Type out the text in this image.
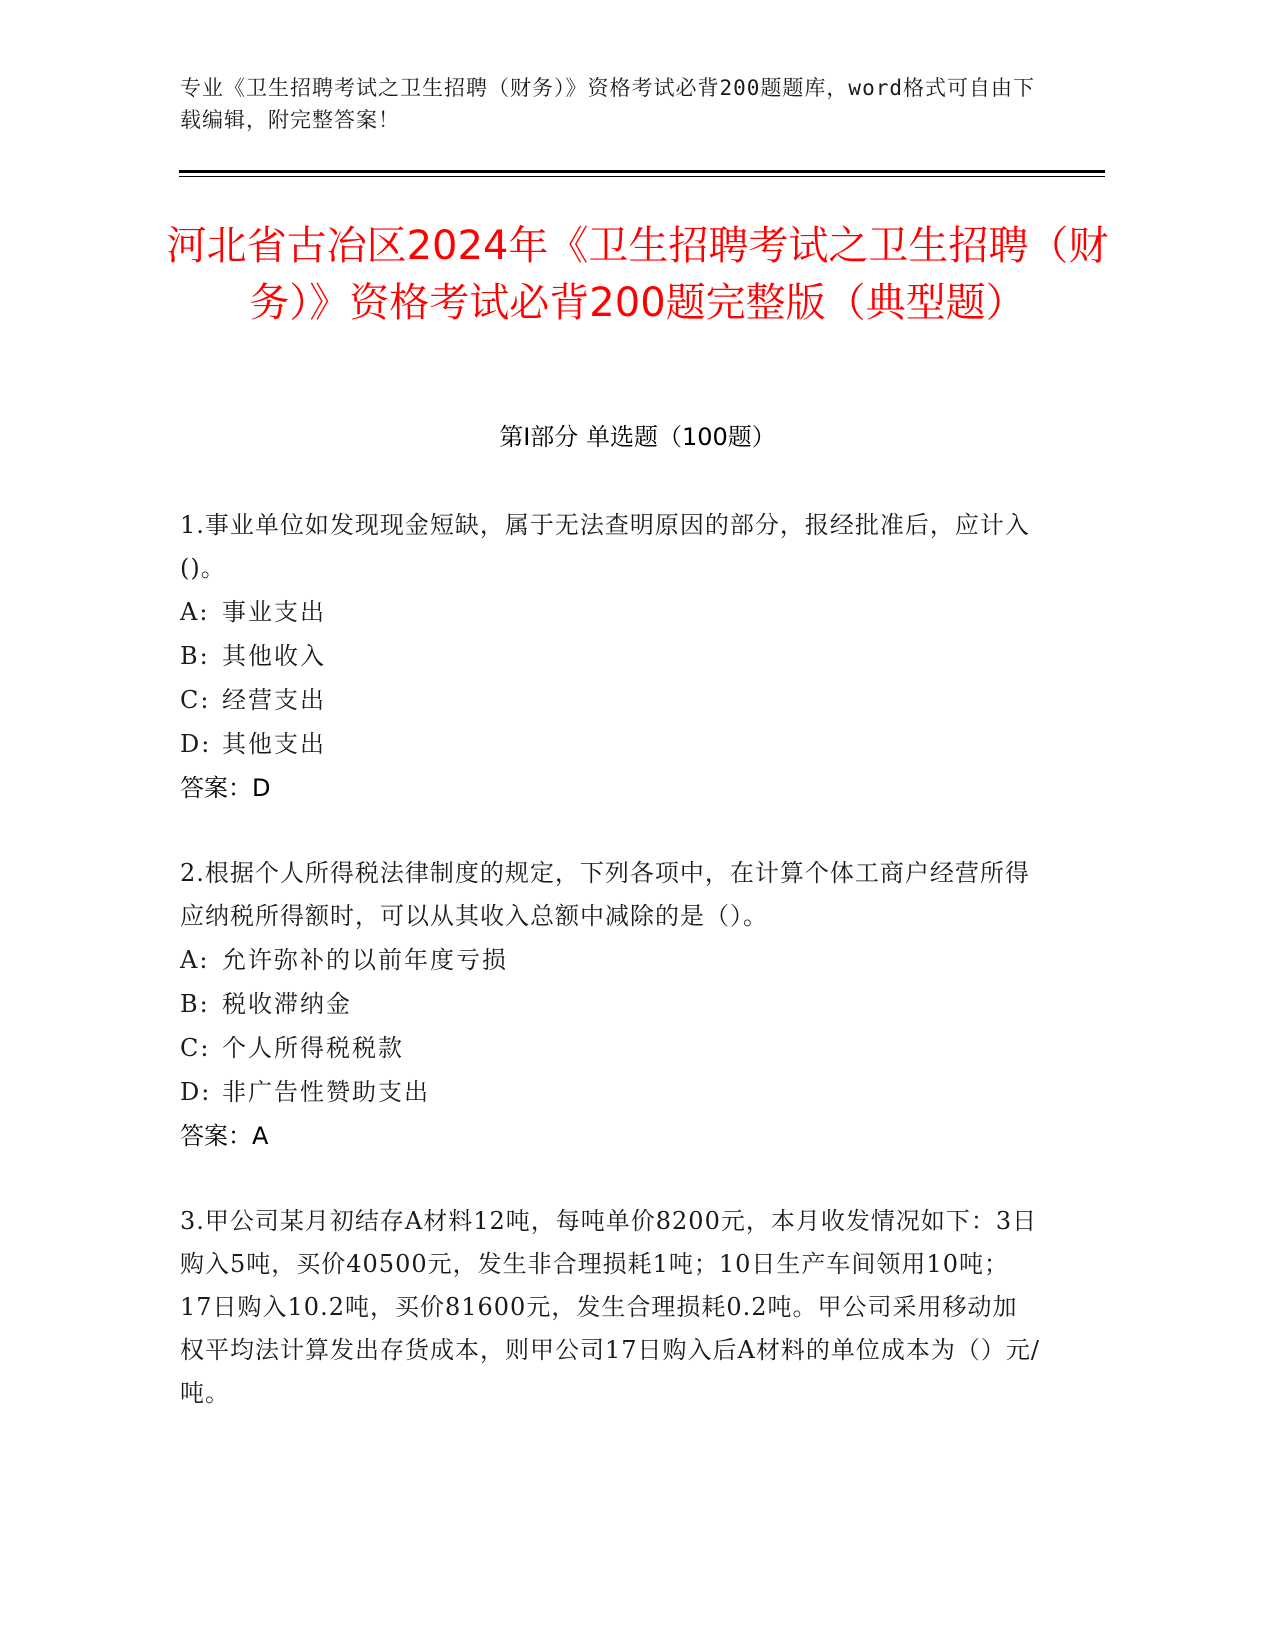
专业《卫生招聘考试之卫生招聘（财务）》资格考试必背200题题库，word格式可自由下载编辑，附完整答案！

河北省古冶区2024年《卫生招聘考试之卫生招聘（财务）》资格考试必背200题完整版（典型题）
第Ⅰ部分 单选题（100题）

1.事业单位如发现现金短缺，属于无法查明原因的部分，报经批准后，应计入()。

A: 事业支出
B: 其他收入
C: 经营支出
D: 其他支出

答案：D

2.根据个人所得税法律制度的规定，下列各项中，在计算个体工商户经营所得应纳税所得额时，可以从其收入总额中减除的是（）。

A: 允许弥补的以前年度亏损
B: 税收滞纳金
C: 个人所得税税款
D: 非广告性赞助支出

答案：A

3.甲公司某月初结存A材料12吨，每吨单价8200元，本月收发情况如下：3日购入5吨，买价40500元，发生非合理损耗1吨；10日生产车间领用10吨；17日购入10.2吨，买价81600元，发生合理损耗0.2吨。甲公司采用移动加权平均法计算发出存货成本，则甲公司17日购入后A材料的单位成本为（）元/吨。
